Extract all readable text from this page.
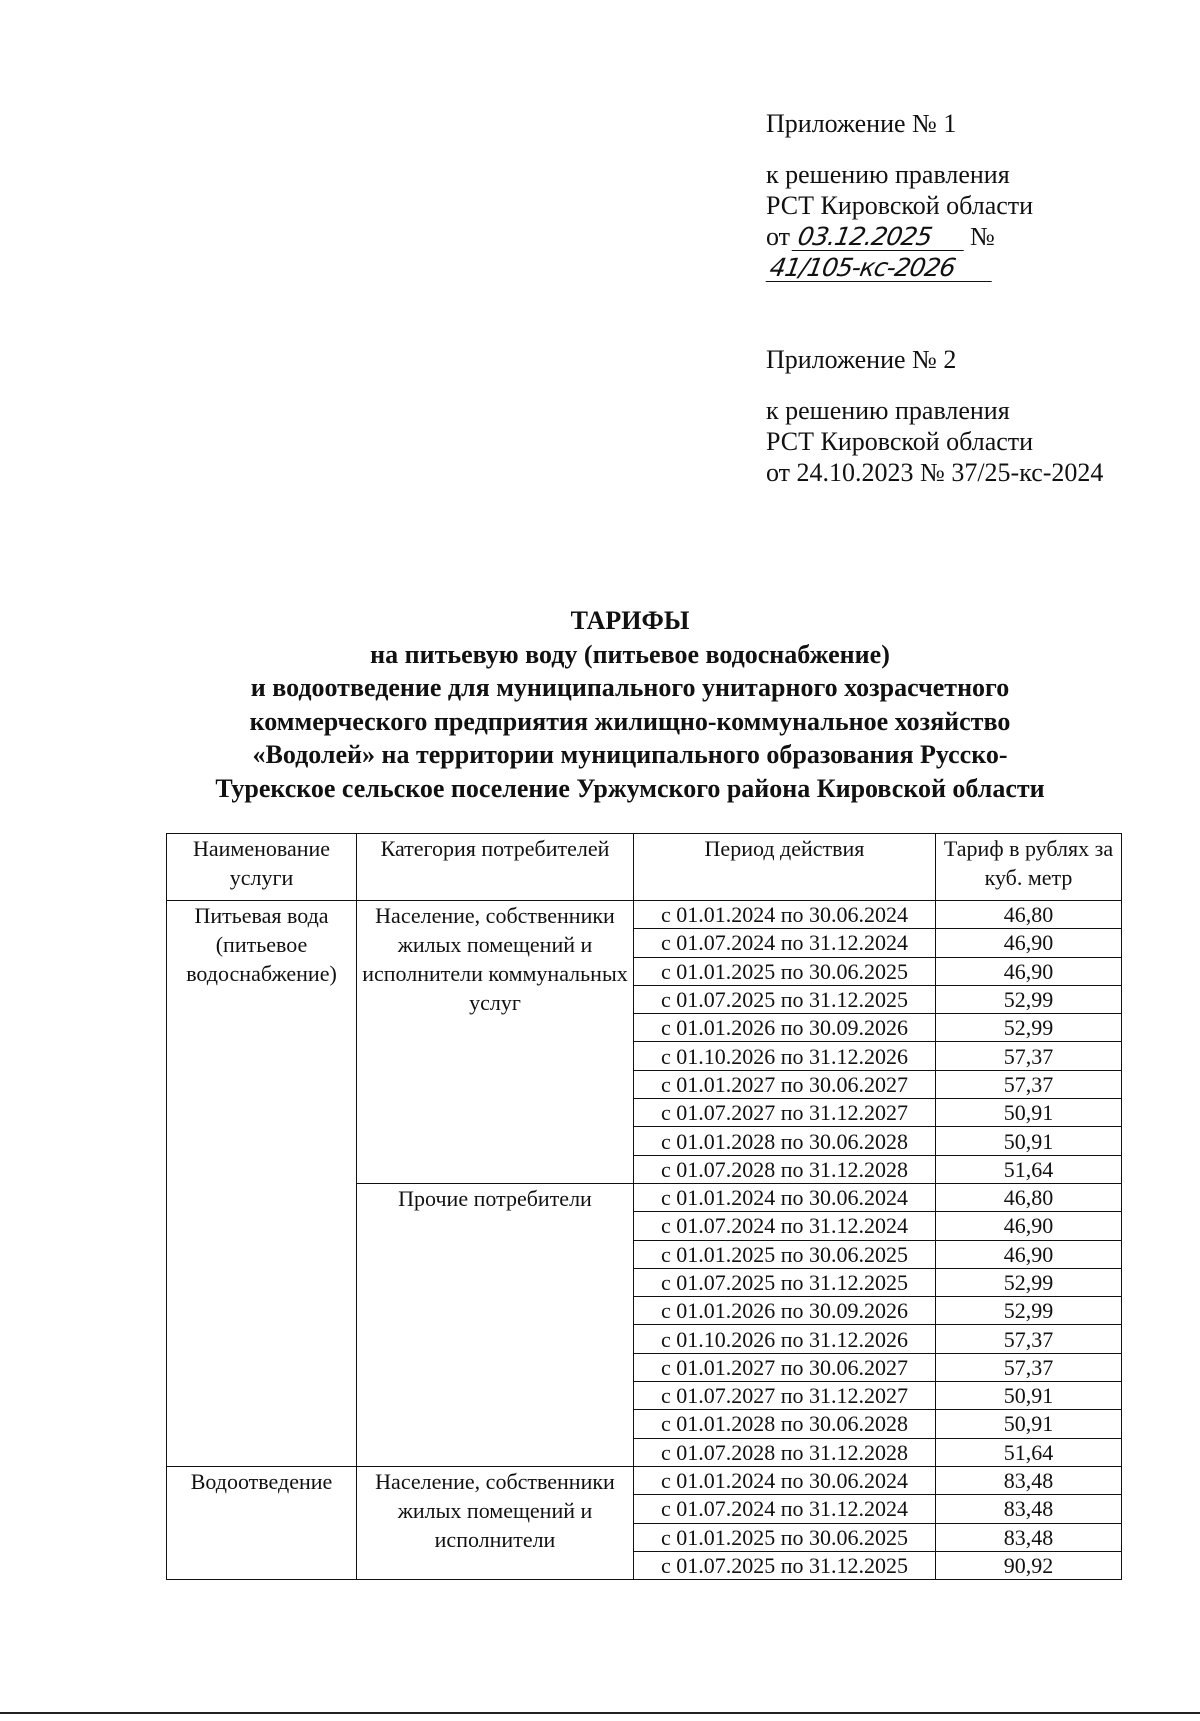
Приложение № 1
к решению правления
РСТ Кировской области
от 03.12.2025 №41/105-кс-2026
Приложение № 2
к решению правления
РСТ Кировской области
от 24.10.2023 № 37/25-кс-2024
ТАРИФЫ
на питьевую воду (питьевое водоснабжение)
и водоотведение для муниципального унитарного хозрасчетного
коммерческого предприятия жилищно-коммунальное хозяйство
«Водолей» на территории муниципального образования Русско-
Турекское сельское поселение Уржумского района Кировской области
Наименование услуги	Категория потребителей	Период действия	Тариф в рублях за куб. метр
Питьевая вода (питьевое водоснабжение)	Население, собственники жилых помещений и исполнители коммунальных услуг	с 01.01.2024 по 30.06.2024	46,80
		с 01.07.2024 по 31.12.2024	46,90
		с 01.01.2025 по 30.06.2025	46,90
		с 01.07.2025 по 31.12.2025	52,99
		с 01.01.2026 по 30.09.2026	52,99
		с 01.10.2026 по 31.12.2026	57,37
		с 01.01.2027 по 30.06.2027	57,37
		с 01.07.2027 по 31.12.2027	50,91
		с 01.01.2028 по 30.06.2028	50,91
		с 01.07.2028 по 31.12.2028	51,64
	Прочие потребители	с 01.01.2024 по 30.06.2024	46,80
		с 01.07.2024 по 31.12.2024	46,90
		с 01.01.2025 по 30.06.2025	46,90
		с 01.07.2025 по 31.12.2025	52,99
		с 01.01.2026 по 30.09.2026	52,99
		с 01.10.2026 по 31.12.2026	57,37
		с 01.01.2027 по 30.06.2027	57,37
		с 01.07.2027 по 31.12.2027	50,91
		с 01.01.2028 по 30.06.2028	50,91
		с 01.07.2028 по 31.12.2028	51,64
Водоотведение	Население, собственники жилых помещений и исполнители	с 01.01.2024 по 30.06.2024	83,48
		с 01.07.2024 по 31.12.2024	83,48
		с 01.01.2025 по 30.06.2025	83,48
		с 01.07.2025 по 31.12.2025	90,92
